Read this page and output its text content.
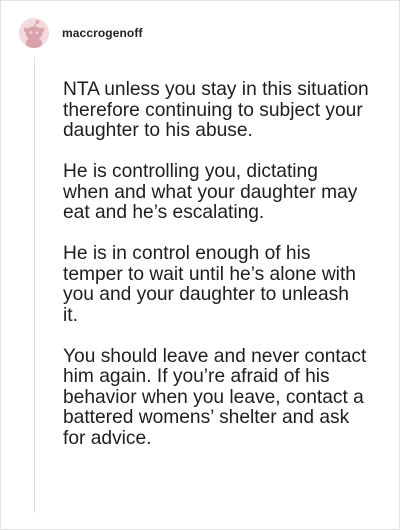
maccrogenoff

NTA unless you stay in this situation therefore continuing to subject your daughter to his abuse.

He is controlling you, dictating when and what your daughter may eat and he’s escalating.

He is in control enough of his temper to wait until he’s alone with you and your daughter to unleash it.

You should leave and never contact him again. If you’re afraid of his behavior when you leave, contact a battered womens’ shelter and ask for advice.
